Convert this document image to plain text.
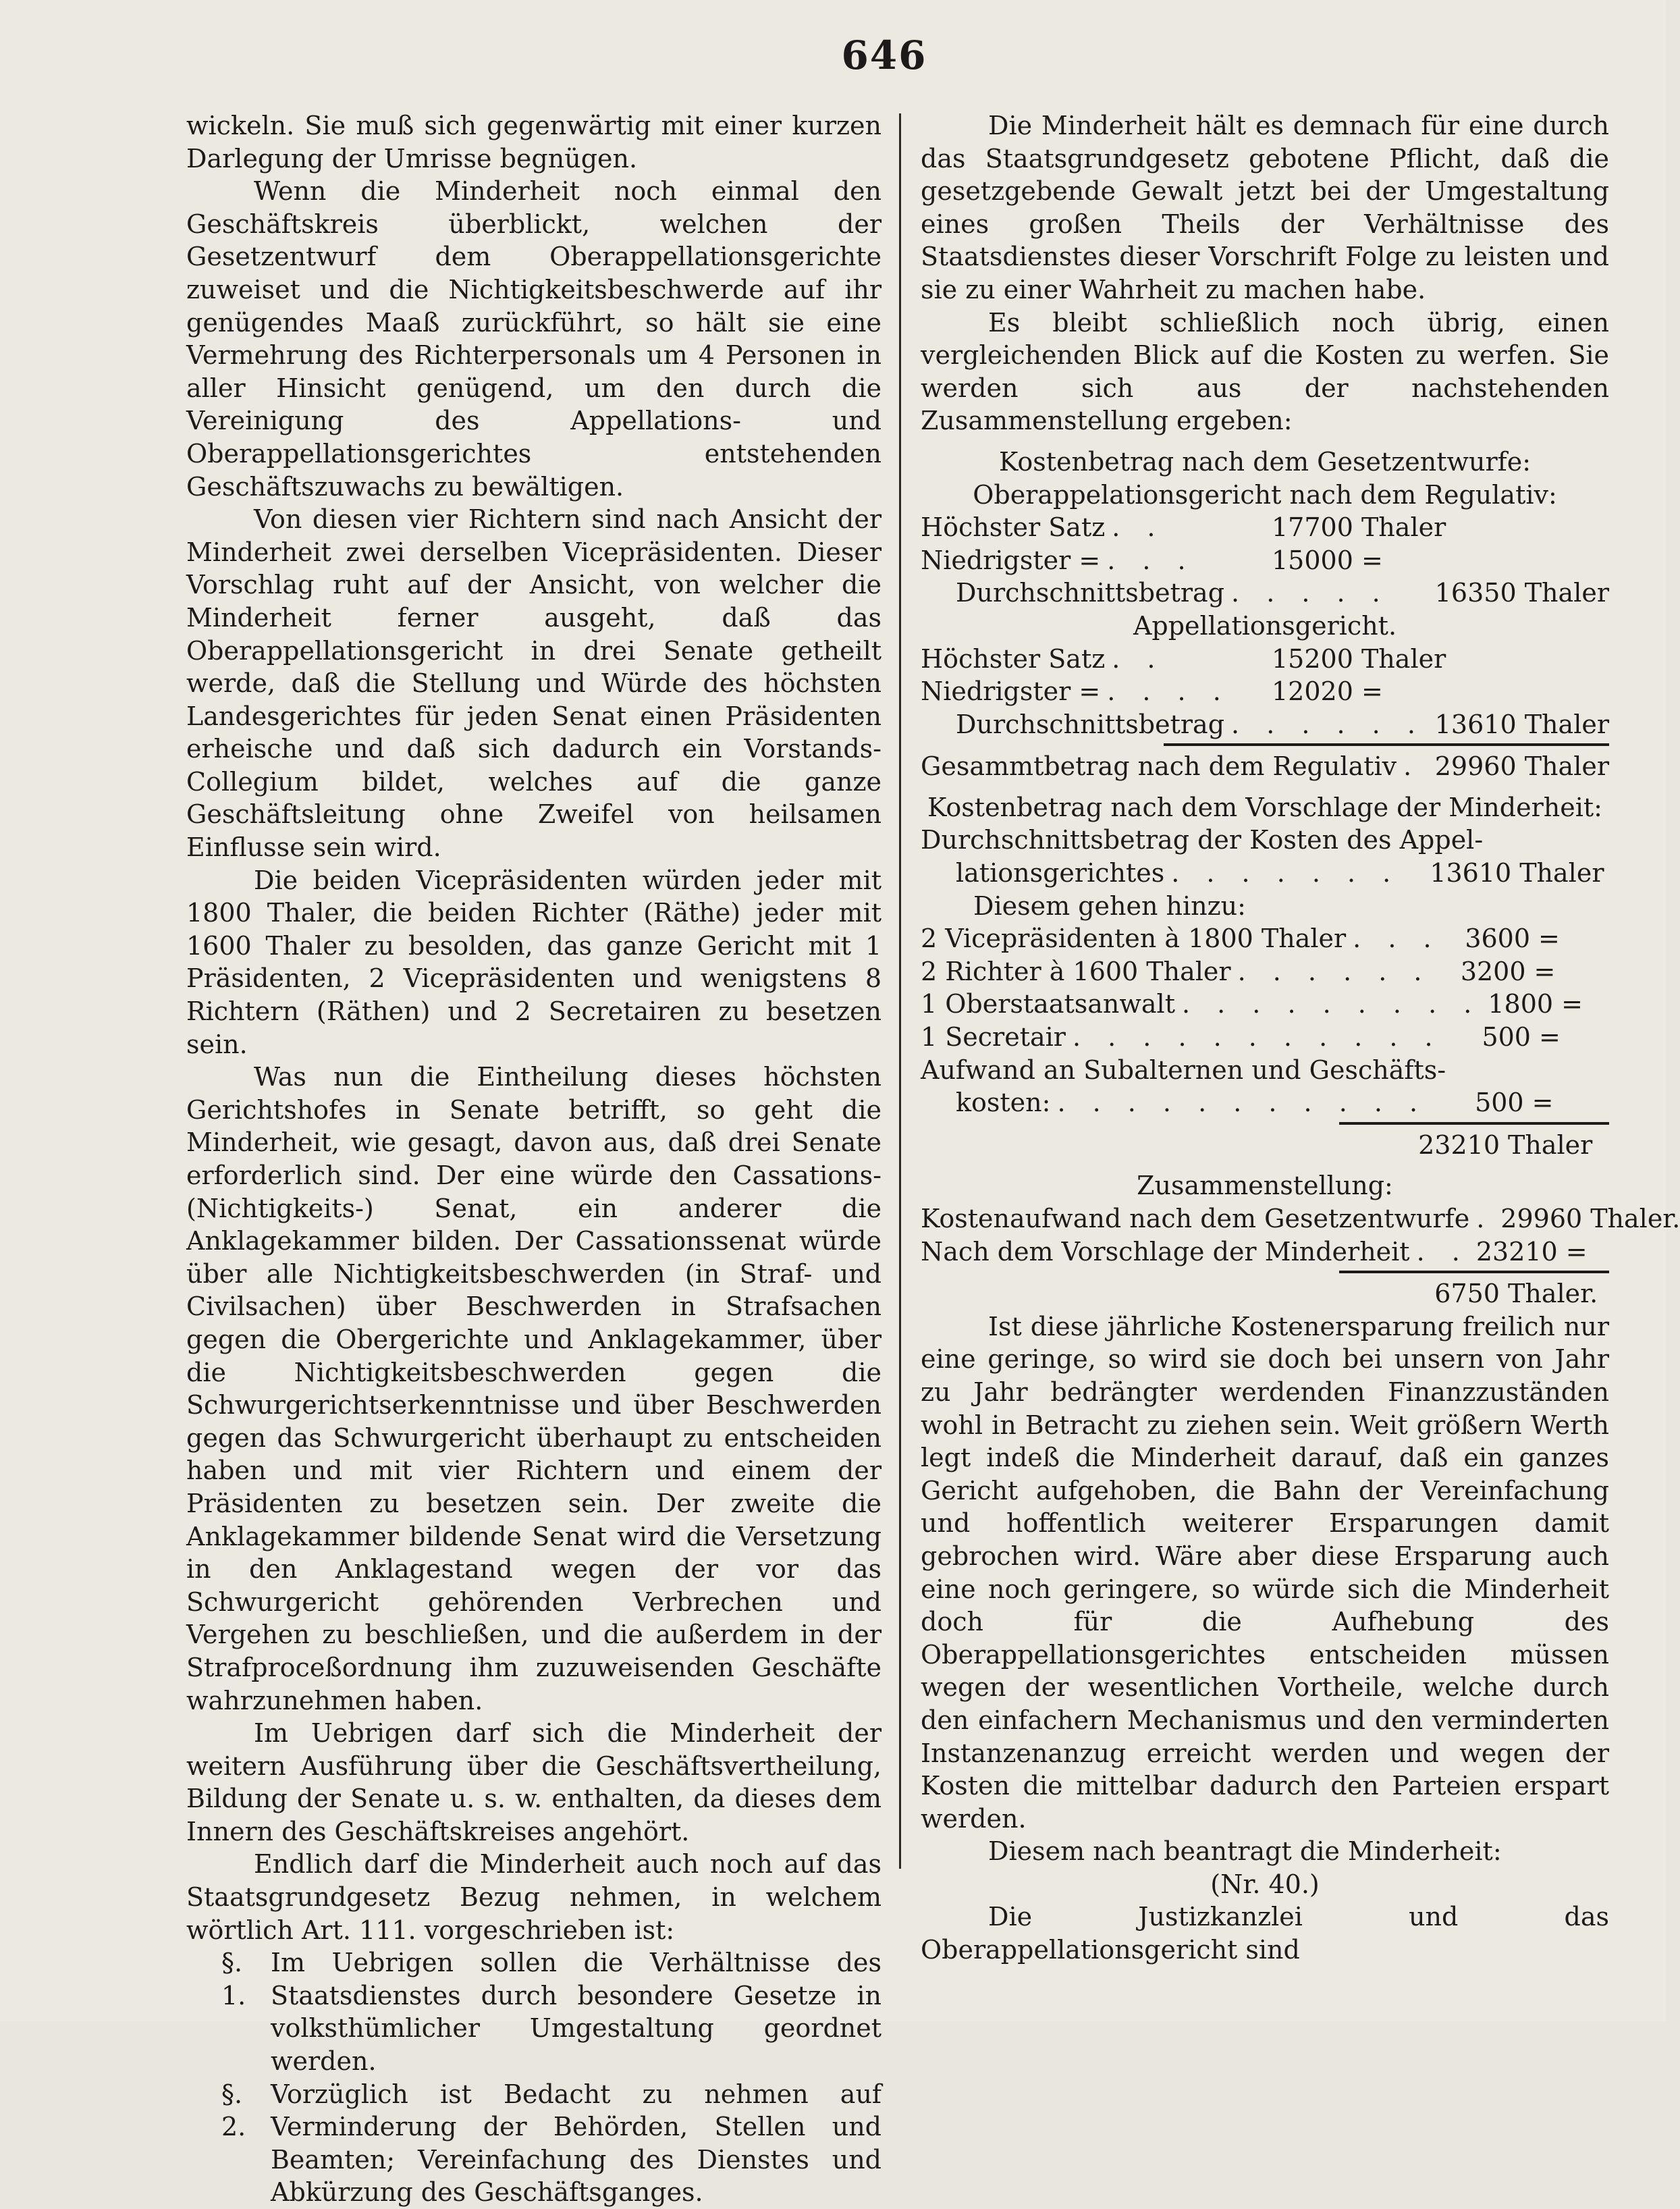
646

wickeln. Sie muß sich gegenwärtig mit einer kurzen Darlegung der Umrisse begnügen.

Wenn die Minderheit noch einmal den Geschäftskreis überblickt, welchen der Gesetzentwurf dem Oberappellationsgerichte zuweiset und die Nichtigkeitsbeschwerde auf ihr genügendes Maaß zurückführt, so hält sie eine Vermehrung des Richterpersonals um 4 Personen in aller Hinsicht genügend, um den durch die Vereinigung des Appellations- und Oberappellationsgerichtes entstehenden Geschäftszuwachs zu bewältigen.

Von diesen vier Richtern sind nach Ansicht der Minderheit zwei derselben Vicepräsidenten. Dieser Vorschlag ruht auf der Ansicht, von welcher die Minderheit ferner ausgeht, daß das Oberappellationsgericht in drei Senate getheilt werde, daß die Stellung und Würde des höchsten Landesgerichtes für jeden Senat einen Präsidenten erheische und daß sich dadurch ein Vorstands-Collegium bildet, welches auf die ganze Geschäftsleitung ohne Zweifel von heilsamen Einflusse sein wird.

Die beiden Vicepräsidenten würden jeder mit 1800 Thaler, die beiden Richter (Räthe) jeder mit 1600 Thaler zu besolden, das ganze Gericht mit 1 Präsidenten, 2 Vicepräsidenten und wenigstens 8 Richtern (Räthen) und 2 Secretairen zu besetzen sein.

Was nun die Eintheilung dieses höchsten Gerichtshofes in Senate betrifft, so geht die Minderheit, wie gesagt, davon aus, daß drei Senate erforderlich sind. Der eine würde den Cassations- (Nichtigkeits-) Senat, ein anderer die Anklagekammer bilden. Der Cassationssenat würde über alle Nichtigkeitsbeschwerden (in Straf- und Civilsachen) über Beschwerden in Strafsachen gegen die Obergerichte und Anklagekammer, über die Nichtigkeitsbeschwerden gegen die Schwurgerichtserkenntnisse und über Beschwerden gegen das Schwurgericht überhaupt zu entscheiden haben und mit vier Richtern und einem der Präsidenten zu besetzen sein. Der zweite die Anklagekammer bildende Senat wird die Versetzung in den Anklagestand wegen der vor das Schwurgericht gehörenden Verbrechen und Vergehen zu beschließen, und die außerdem in der Strafproceßordnung ihm zuzuweisenden Geschäfte wahrzunehmen haben.

Im Uebrigen darf sich die Minderheit der weitern Ausführung über die Geschäftsvertheilung, Bildung der Senate u. s. w. enthalten, da dieses dem Innern des Geschäftskreises angehört.

Endlich darf die Minderheit auch noch auf das Staatsgrundgesetz Bezug nehmen, in welchem wörtlich Art. 111. vorgeschrieben ist:

§. 1.
Im Uebrigen sollen die Verhältnisse des Staatsdienstes durch besondere Gesetze in volksthümlicher Umgestaltung geordnet werden.
§. 2.
Vorzüglich ist Bedacht zu nehmen auf Verminderung der Behörden, Stellen und Beamten; Vereinfachung des Dienstes und Abkürzung des Geschäftsganges.

Die Minderheit hält es demnach für eine durch das Staatsgrundgesetz gebotene Pflicht, daß die gesetzgebende Gewalt jetzt bei der Umgestaltung eines großen Theils der Verhältnisse des Staatsdienstes dieser Vorschrift Folge zu leisten und sie zu einer Wahrheit zu machen habe.

Es bleibt schließlich noch übrig, einen vergleichenden Blick auf die Kosten zu werfen. Sie werden sich aus der nachstehenden Zusammenstellung ergeben:

Kostenbetrag nach dem Gesetzentwurfe:
Oberappelationsgericht nach dem Regulativ:
Höchster Satz . .	17700 Thaler
Niedrigster = . . .	15000 =
Durchschnittsbetrag . . . . .	16350 Thaler
Appellationsgericht.
Höchster Satz . .	15200 Thaler
Niedrigster = . . . .	12020 =
Durchschnittsbetrag . . . . . . 13610 Thaler
Gesammtbetrag nach dem Regulativ . 29960 Thaler
Kostenbetrag nach dem Vorschlage der Minderheit:
Durchschnittsbetrag der Kosten des Appel-
lationsgerichtes . . . . . . .	13610 Thaler
Diesem gehen hinzu:
2 Vicepräsidenten à 1800 Thaler . . . 3600 =
2 Richter à 1600 Thaler . . . . . .	3200 =
1 Oberstaatsanwalt . . . . . . . . . 1800 =
1 Secretair . . . . . . . . . . .	500 =
Aufwand an Subalternen und Geschäfts-
kosten: . . . . . . . . . . .	500 =
23210 Thaler
Zusammenstellung:
Kostenaufwand nach dem Gesetzentwurfe . 29960 Thaler.
Nach dem Vorschlage der Minderheit . . 23210 =
6750 Thaler.

Ist diese jährliche Kostenersparung freilich nur eine geringe, so wird sie doch bei unsern von Jahr zu Jahr bedrängter werdenden Finanzzuständen wohl in Betracht zu ziehen sein. Weit größern Werth legt indeß die Minderheit darauf, daß ein ganzes Gericht aufgehoben, die Bahn der Vereinfachung und hoffentlich weiterer Ersparungen damit gebrochen wird. Wäre aber diese Ersparung auch eine noch geringere, so würde sich die Minderheit doch für die Aufhebung des Oberappellationsgerichtes entscheiden müssen wegen der wesentlichen Vortheile, welche durch den einfachern Mechanismus und den verminderten Instanzenanzug erreicht werden und wegen der Kosten die mittelbar dadurch den Parteien erspart werden.

Diesem nach beantragt die Minderheit:

(Nr. 40.)

Die Justizkanzlei und das Oberappellationsgericht sind
